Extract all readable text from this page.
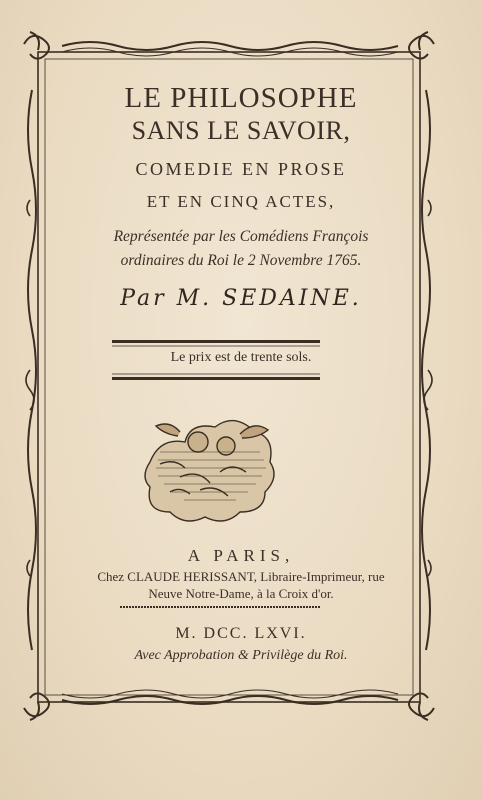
LE PHILOSOPHE
SANS LE SAVOIR,
COMEDIE EN PROSE
ET EN CINQ ACTES,
Représentée par les Comédiens François
ordinaires du Roi le 2 Novembre 1765.
Par M. SEDAINE.
Le prix est de trente sols.
A PARIS,
Chez CLAUDE HERISSANT, Libraire-Imprimeur, rue
Neuve Notre-Dame, à la Croix d'or.
M. DCC. LXVI.
Avec Approbation & Privilège du Roi.
